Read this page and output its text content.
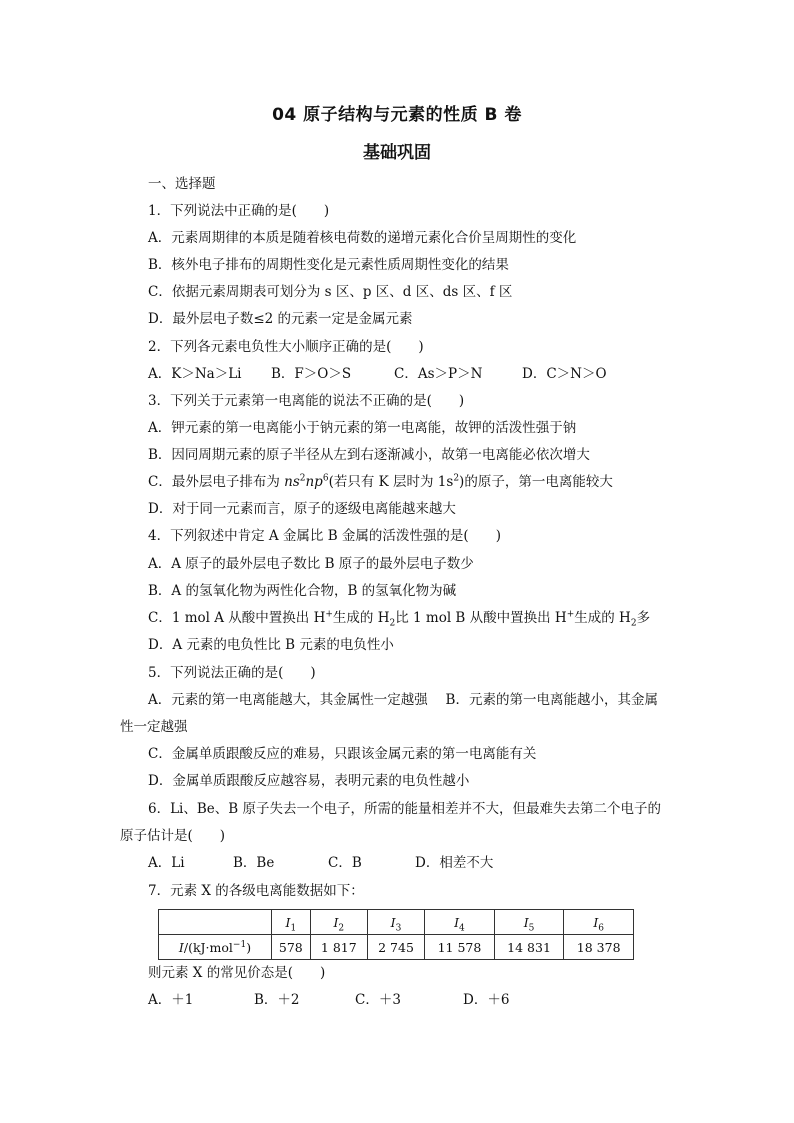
04 原子结构与元素的性质 B 卷
基础巩固
一、选择题
1．下列说法中正确的是(　　)
A．元素周期律的本质是随着核电荷数的递增元素化合价呈周期性的变化
B．核外电子排布的周期性变化是元素性质周期性变化的结果
C．依据元素周期表可划分为 s 区、p 区、d 区、ds 区、f 区
D．最外层电子数≤2 的元素一定是金属元素
2．下列各元素电负性大小顺序正确的是(　　)
A．K＞Na＞Li B．F＞O＞S	C．As＞P＞N	D．C＞N＞O
3．下列关于元素第一电离能的说法不正确的是(　　)
A．钾元素的第一电离能小于钠元素的第一电离能，故钾的活泼性强于钠
B．因同周期元素的原子半径从左到右逐渐减小，故第一电离能必依次增大
C．最外层电子排布为 $ns^2np^6$(若只有 K 层时为 $1s^2$)的原子，第一电离能较大
D．对于同一元素而言，原子的逐级电离能越来越大
4．下列叙述中肯定 A 金属比 B 金属的活泼性强的是(　　)
A．A 原子的最外层电子数比 B 原子的最外层电子数少
B．A 的氢氧化物为两性化合物，B 的氢氧化物为碱
C．1 mol A 从酸中置换出 H+生成的 $H_2$比 1 mol B 从酸中置换出 H+生成的 $H_2$多
D．A 元素的电负性比 B 元素的电负性小
5．下列说法正确的是(　　)
A．元素的第一电离能越大，其金属性一定越强　 B．元素的第一电离能越小，其金属
性一定越强
C．金属单质跟酸反应的难易，只跟该金属元素的第一电离能有关
D．金属单质跟酸反应越容易，表明元素的电负性越小
6．Li、Be、B 原子失去一个电子，所需的能量相差并不大，但最难失去第二个电子的
原子估计是(　　)
A．Li	B．Be	C．B	D．相差不大
7．元素 X 的各级电离能数据如下：
	$I_1$	$I_2$	$I_3$	$I_4$	$I_5$	$I_6$
I/(kJ·mol$^{-1}$)	578	1 817	2 745	11 578	14 831	18 378
则元素 X 的常见价态是(　　)
A．＋1	B．＋2	C．＋3	D．＋6
